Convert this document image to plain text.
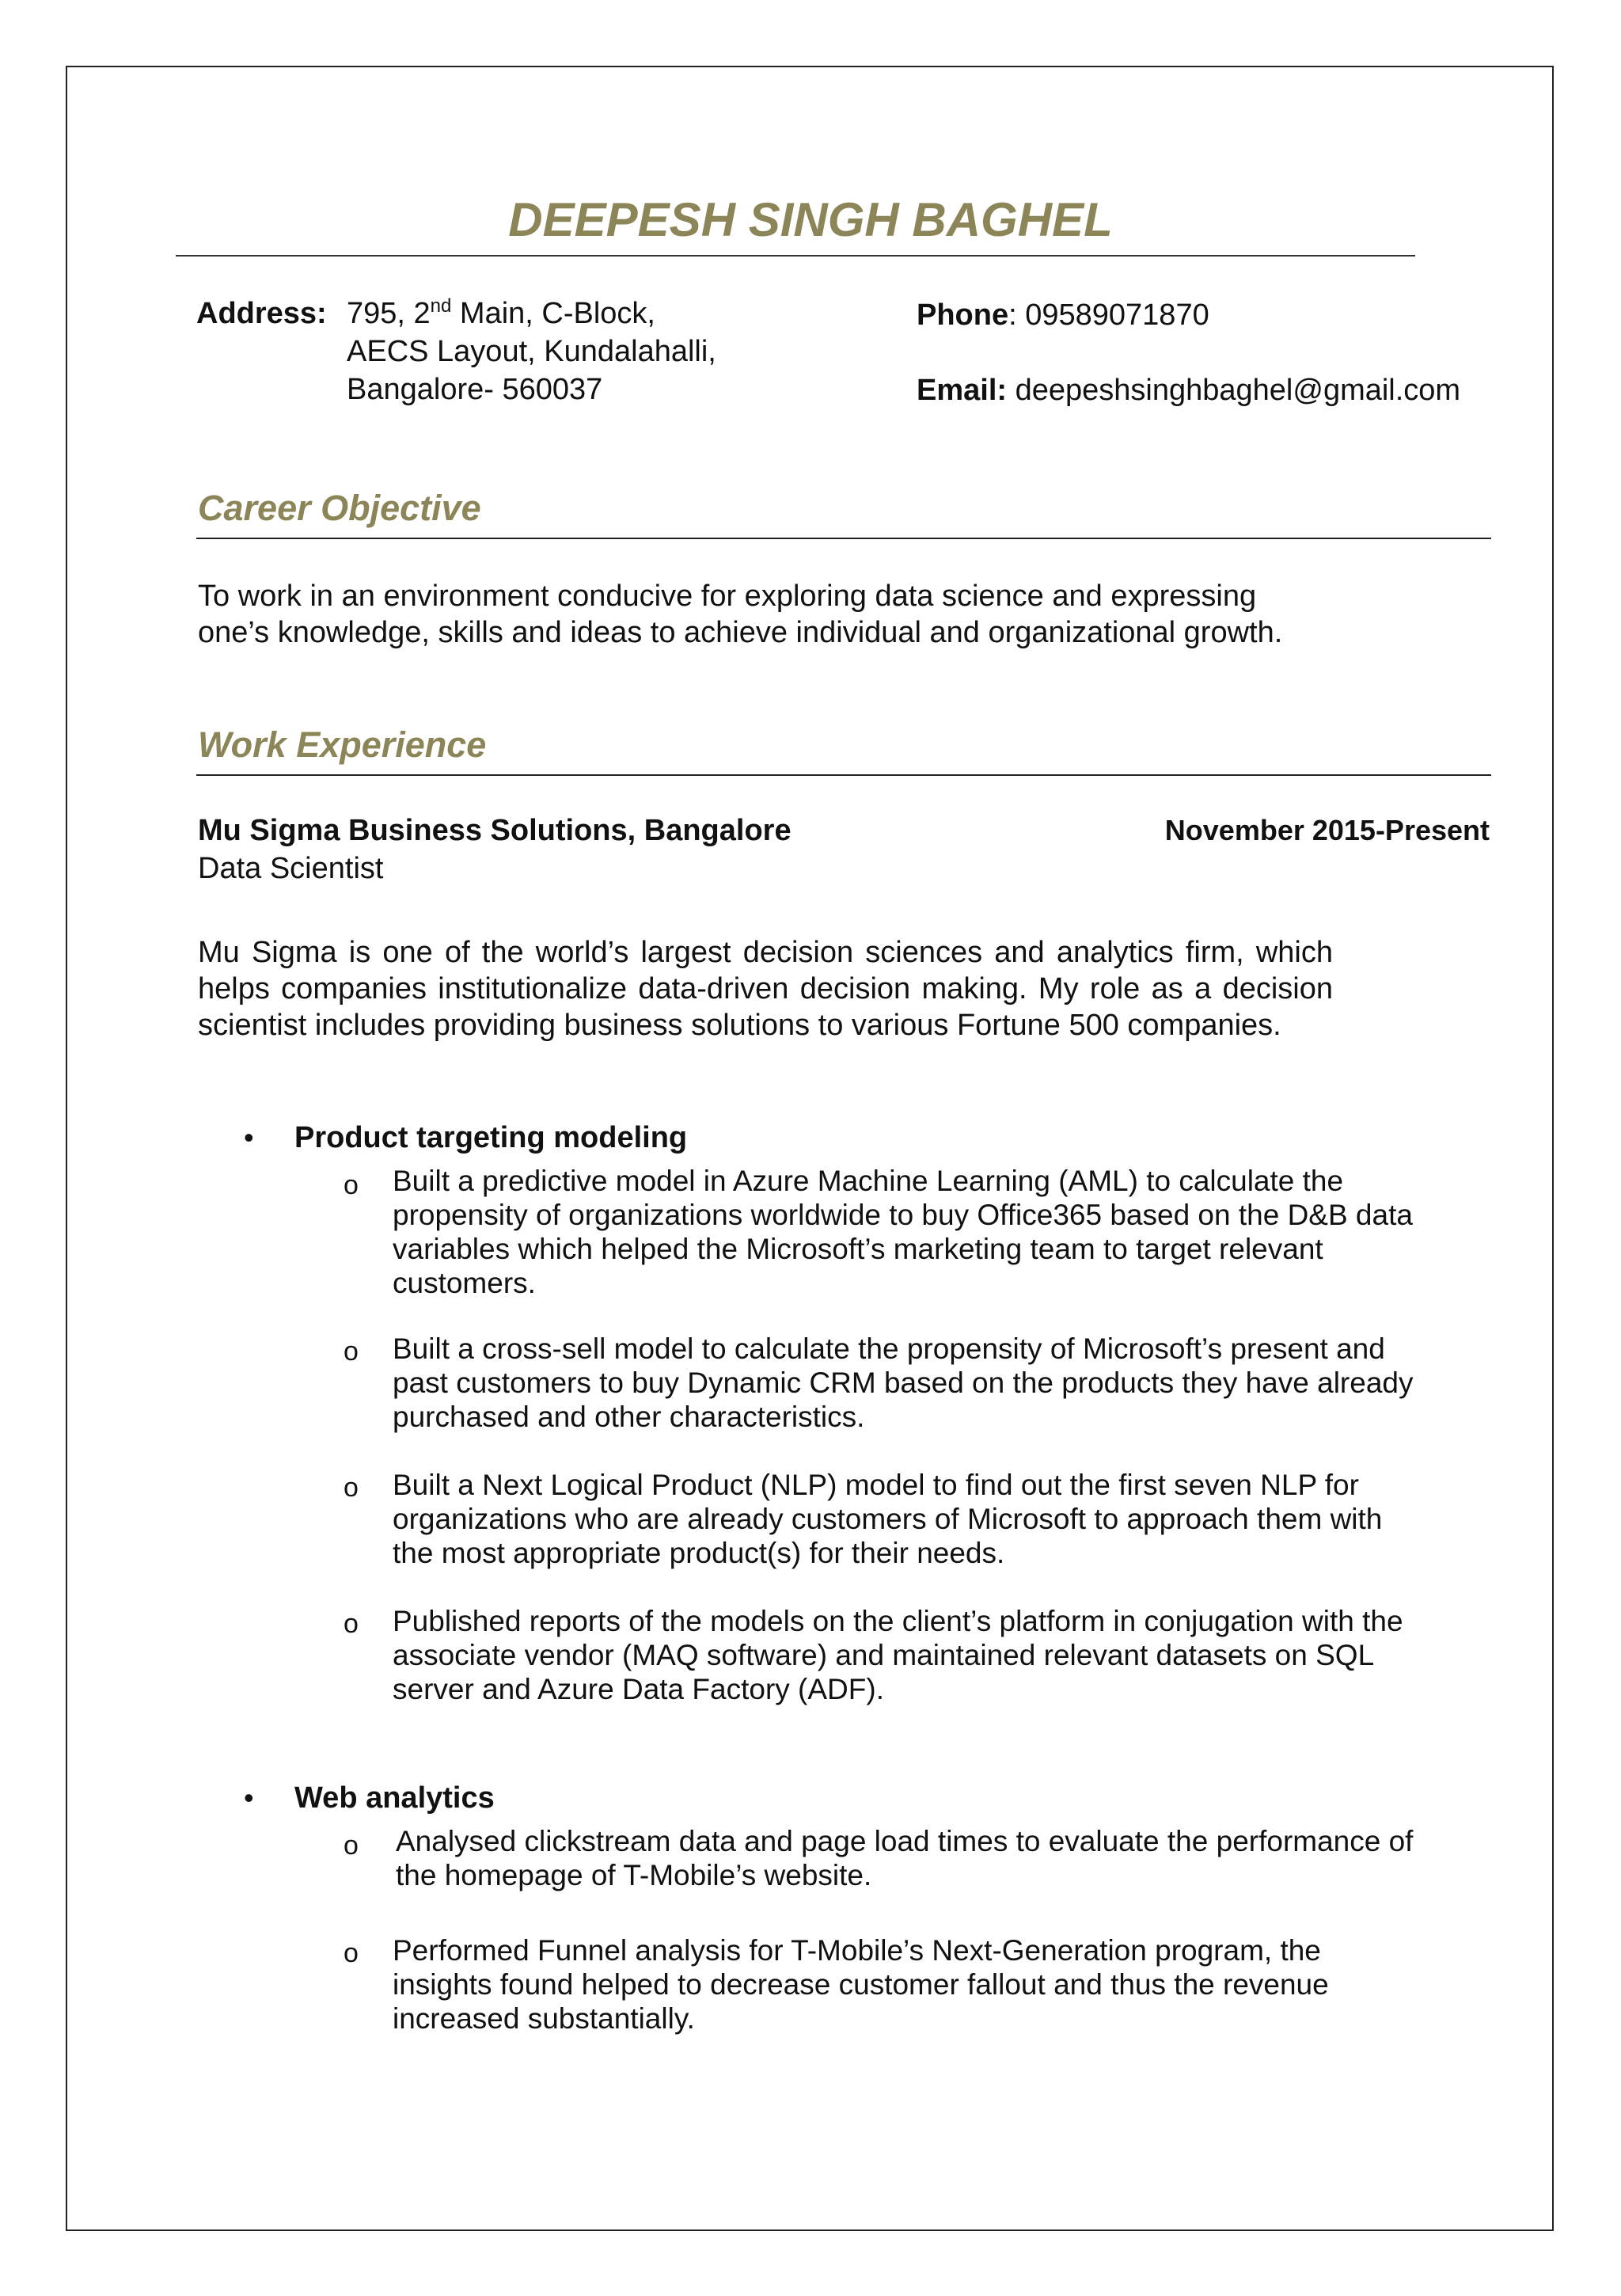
DEEPESH SINGH BAGHEL
Address: 795, 2nd Main, C-Block,
AECS Layout, Kundalahalli,
Bangalore- 560037
Phone: 09589071870
Email: deepeshsinghbaghel@gmail.com
Career Objective
To work in an environment conducive for exploring data science and expressing
one’s knowledge, skills and ideas to achieve individual and organizational growth.
Work Experience
Mu Sigma Business Solutions, Bangalore	November 2015-Present
Data Scientist
Mu Sigma is one of the world’s largest decision sciences and analytics firm, which helps companies institutionalize data-driven decision making. My role as a decision scientist includes providing business solutions to various Fortune 500 companies.
• Product targeting modeling
o Built a predictive model in Azure Machine Learning (AML) to calculate the propensity of organizations worldwide to buy Office365 based on the D&B data variables which helped the Microsoft’s marketing team to target relevant customers.
o Built a cross-sell model to calculate the propensity of Microsoft’s present and past customers to buy Dynamic CRM based on the products they have already purchased and other characteristics.
o Built a Next Logical Product (NLP) model to find out the first seven NLP for organizations who are already customers of Microsoft to approach them with the most appropriate product(s) for their needs.
o Published reports of the models on the client’s platform in conjugation with the associate vendor (MAQ software) and maintained relevant datasets on SQL server and Azure Data Factory (ADF).
• Web analytics
o Analysed clickstream data and page load times to evaluate the performance of the homepage of T-Mobile’s website.
o Performed Funnel analysis for T-Mobile’s Next-Generation program, the insights found helped to decrease customer fallout and thus the revenue increased substantially.
